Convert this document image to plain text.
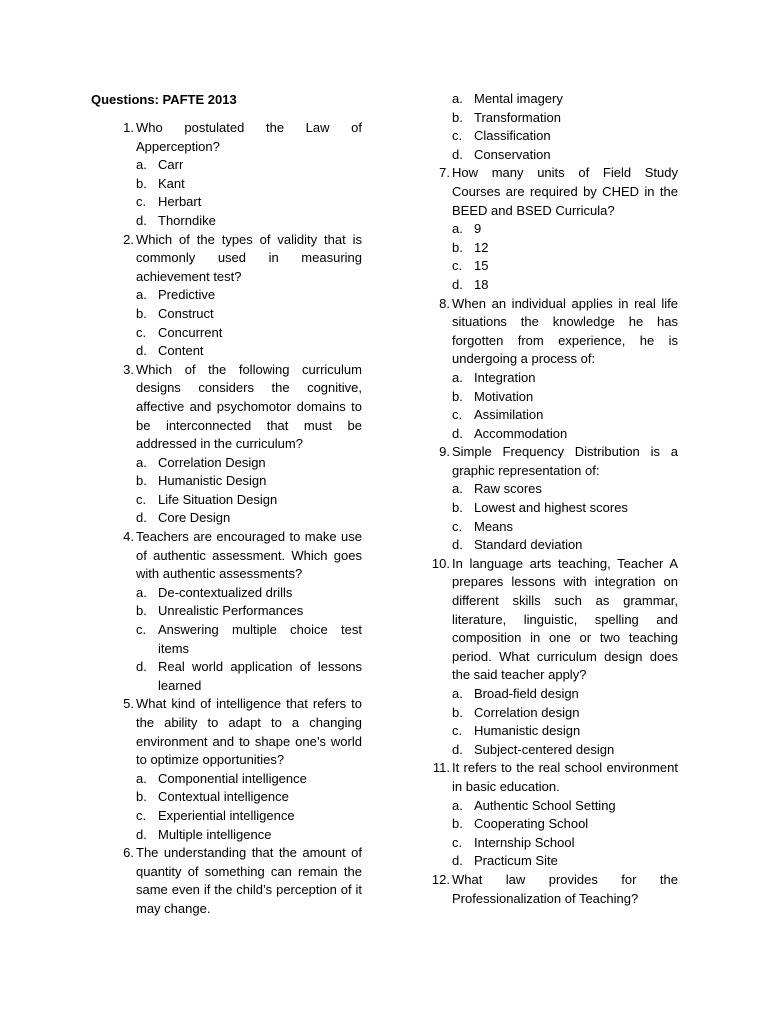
Questions: PAFTE 2013
1. Who postulated the Law of Apperception?
a. Carr
b. Kant
c. Herbart
d. Thorndike
2. Which of the types of validity that is commonly used in measuring achievement test?
a. Predictive
b. Construct
c. Concurrent
d. Content
3. Which of the following curriculum designs considers the cognitive, affective and psychomotor domains to be interconnected that must be addressed in the curriculum?
a. Correlation Design
b. Humanistic Design
c. Life Situation Design
d. Core Design
4. Teachers are encouraged to make use of authentic assessment. Which goes with authentic assessments?
a. De-contextualized drills
b. Unrealistic Performances
c. Answering multiple choice test items
d. Real world application of lessons learned
5. What kind of intelligence that refers to the ability to adapt to a changing environment and to shape one’s world to optimize opportunities?
a. Componential intelligence
b. Contextual intelligence
c. Experiential intelligence
d. Multiple intelligence
6. The understanding that the amount of quantity of something can remain the same even if the child’s perception of it may change.
a. Mental imagery
b. Transformation
c. Classification
d. Conservation
7. How many units of Field Study Courses are required by CHED in the BEED and BSED Curricula?
a. 9
b. 12
c. 15
d. 18
8. When an individual applies in real life situations the knowledge he has forgotten from experience, he is undergoing a process of:
a. Integration
b. Motivation
c. Assimilation
d. Accommodation
9. Simple Frequency Distribution is a graphic representation of:
a. Raw scores
b. Lowest and highest scores
c. Means
d. Standard deviation
10. In language arts teaching, Teacher A prepares lessons with integration on different skills such as grammar, literature, linguistic, spelling and composition in one or two teaching period. What curriculum design does the said teacher apply?
a. Broad-field design
b. Correlation design
c. Humanistic design
d. Subject-centered design
11. It refers to the real school environment in basic education.
a. Authentic School Setting
b. Cooperating School
c. Internship School
d. Practicum Site
12. What law provides for the Professionalization of Teaching?
